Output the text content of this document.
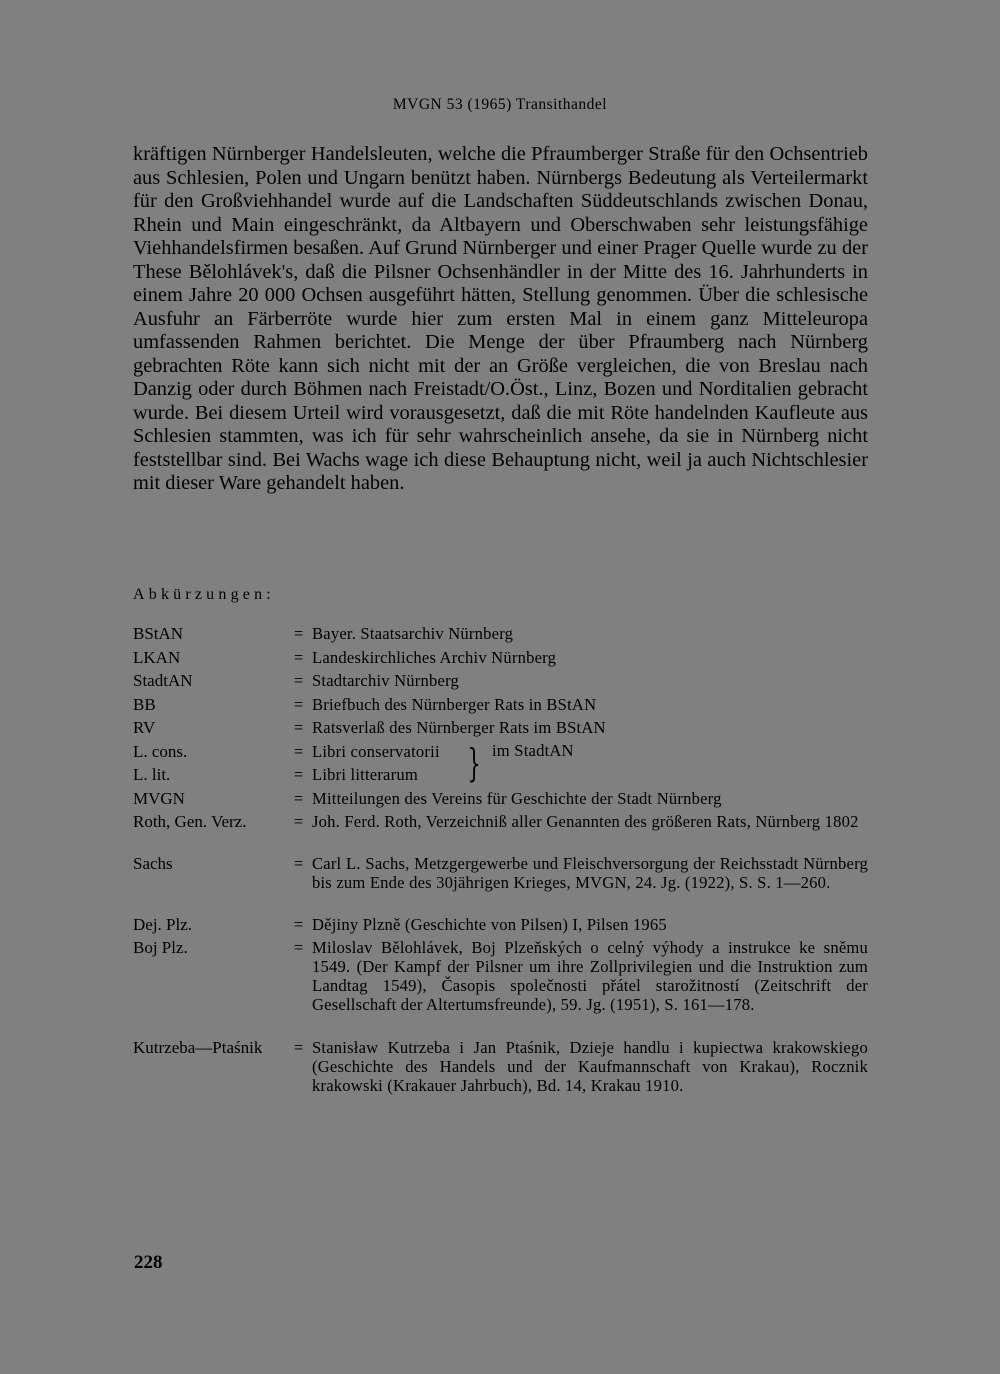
MVGN 53 (1965) Transithandel

kräftigen Nürnberger Handelsleuten, welche die Pfraumberger Straße für den Ochsentrieb aus Schlesien, Polen und Ungarn benützt haben. Nürnbergs Bedeutung als Verteilermarkt für den Großviehhandel wurde auf die Landschaften Süddeutschlands zwischen Donau, Rhein und Main eingeschränkt, da Altbayern und Oberschwaben sehr leistungsfähige Viehhandelsfirmen besaßen. Auf Grund Nürnberger und einer Prager Quelle wurde zu der These Bělohlávek's, daß die Pilsner Ochsenhändler in der Mitte des 16. Jahrhunderts in einem Jahre 20 000 Ochsen ausgeführt hätten, Stellung genommen. Über die schlesische Ausfuhr an Färberröte wurde hier zum ersten Mal in einem ganz Mitteleuropa umfassenden Rahmen berichtet. Die Menge der über Pfraumberg nach Nürnberg gebrachten Röte kann sich nicht mit der an Größe vergleichen, die von Breslau nach Danzig oder durch Böhmen nach Freistadt/O.Öst., Linz, Bozen und Norditalien gebracht wurde. Bei diesem Urteil wird vorausgesetzt, daß die mit Röte handelnden Kaufleute aus Schlesien stammten, was ich für sehr wahrscheinlich ansehe, da sie in Nürnberg nicht feststellbar sind. Bei Wachs wage ich diese Behauptung nicht, weil ja auch Nichtschlesier mit dieser Ware gehandelt haben.

Abkürzungen:
BStAN	= Bayer. Staatsarchiv Nürnberg
LKAN	= Landeskirchliches Archiv Nürnberg
StadtAN	= Stadtarchiv Nürnberg
BB	= Briefbuch des Nürnberger Rats in BStAN
RV	= Ratsverlaß des Nürnberger Rats im BStAN
L. cons.	= Libri conservatorii } im StadtAN
L. lit.	= Libri litterarum
MVGN	= Mitteilungen des Vereins für Geschichte der Stadt Nürnberg
Roth, Gen. Verz.	= Joh. Ferd. Roth, Verzeichniß aller Genannten des größeren Rats, Nürnberg 1802
Sachs	= Carl L. Sachs, Metzgergewerbe und Fleischversorgung der Reichsstadt Nürnberg bis zum Ende des 30jährigen Krieges, MVGN, 24. Jg. (1922), S. S. 1—260.
Dej. Plz.	= Dějiny Plzně (Geschichte von Pilsen) I, Pilsen 1965
Boj Plz.	= Miloslav Bělohlávek, Boj Plzeňských o celný výhody a instrukce ke sněmu 1549. (Der Kampf der Pilsner um ihre Zollprivilegien und die Instruktion zum Landtag 1549), Časopis společnosti přátel starožitností (Zeitschrift der Gesellschaft der Altertumsfreunde), 59. Jg. (1951), S. 161—178.
Kutrzeba—Ptaśnik	= Stanisław Kutrzeba i Jan Ptaśnik, Dzieje handlu i kupiectwa krakowskiego (Geschichte des Handels und der Kaufmannschaft von Krakau), Rocznik krakowski (Krakauer Jahrbuch), Bd. 14, Krakau 1910.
228
